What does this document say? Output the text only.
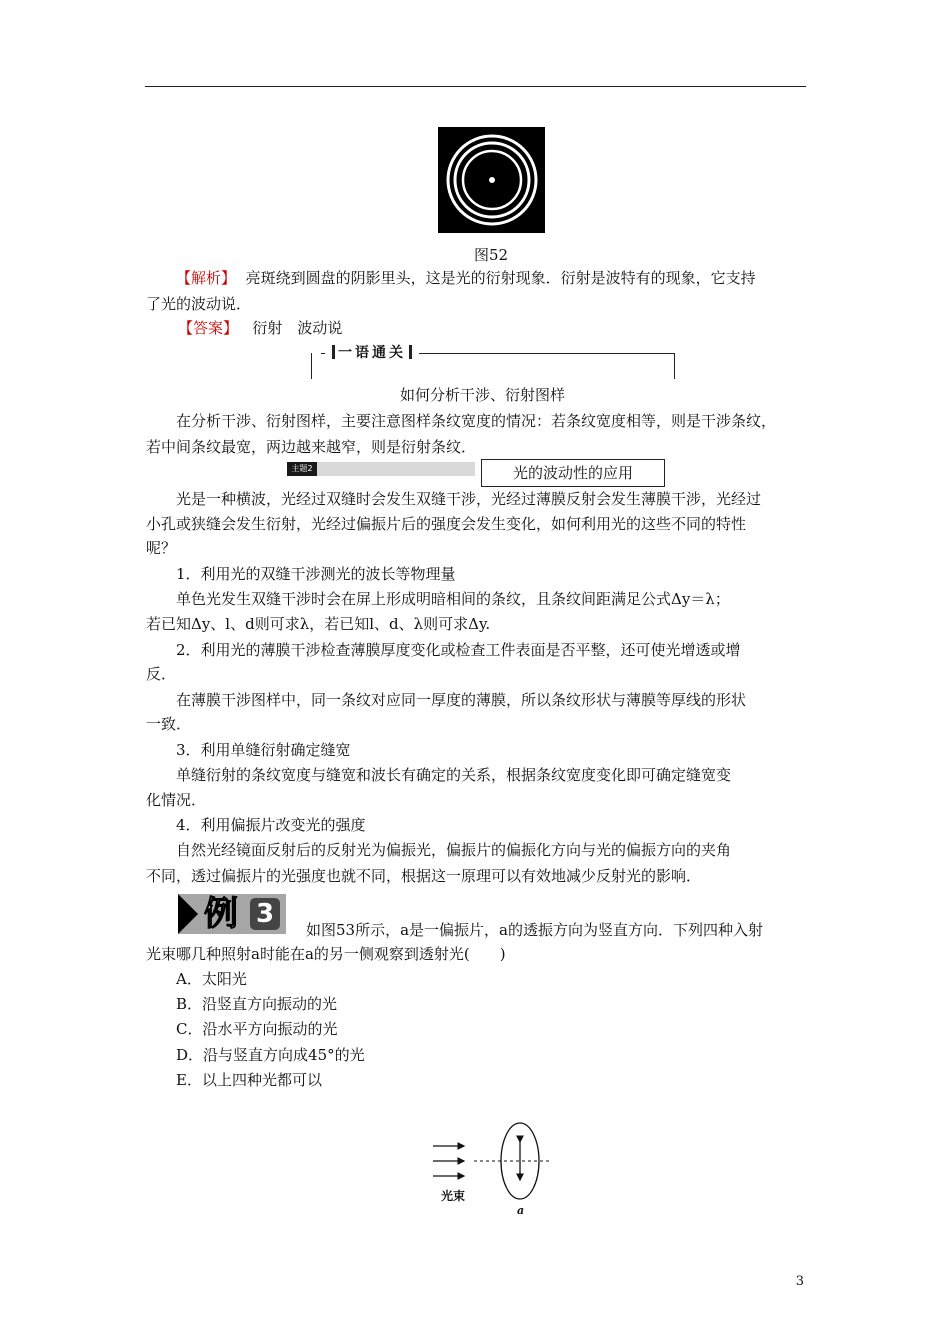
图52
【解析】 亮斑绕到圆盘的阴影里头，这是光的衍射现象．衍射是波特有的现象，它支持
了光的波动说．
【答案】 衍射　波动说
一语通关
如何分析干涉、衍射图样
在分析干涉、衍射图样，主要注意图样条纹宽度的情况：若条纹宽度相等，则是干涉条纹，
若中间条纹最宽，两边越来越窄，则是衍射条纹．
主题2	光的波动性的应用
光是一种横波，光经过双缝时会发生双缝干涉，光经过薄膜反射会发生薄膜干涉，光经过
小孔或狭缝会发生衍射，光经过偏振片后的强度会发生变化，如何利用光的这些不同的特性
呢？
1．利用光的双缝干涉测光的波长等物理量
单色光发生双缝干涉时会在屏上形成明暗相间的条纹，且条纹间距满足公式Δy＝λ；
若已知Δy、l、d则可求λ，若已知l、d、λ则可求Δy.
2．利用光的薄膜干涉检查薄膜厚度变化或检查工件表面是否平整，还可使光增透或增
反．
在薄膜干涉图样中，同一条纹对应同一厚度的薄膜，所以条纹形状与薄膜等厚线的形状
一致．
3．利用单缝衍射确定缝宽
单缝衍射的条纹宽度与缝宽和波长有确定的关系，根据条纹宽度变化即可确定缝宽变
化情况．
4．利用偏振片改变光的强度
自然光经镜面反射后的反射光为偏振光，偏振片的偏振化方向与光的偏振方向的夹角
不同，透过偏振片的光强度也就不同，根据这一原理可以有效地减少反射光的影响．
例 3
如图53所示，a是一偏振片，a的透振方向为竖直方向．下列四种入射
光束哪几种照射a时能在a的另一侧观察到透射光(　　)
A．太阳光
B．沿竖直方向振动的光
C．沿水平方向振动的光
D．沿与竖直方向成45°的光
E．以上四种光都可以
光束
a
3
